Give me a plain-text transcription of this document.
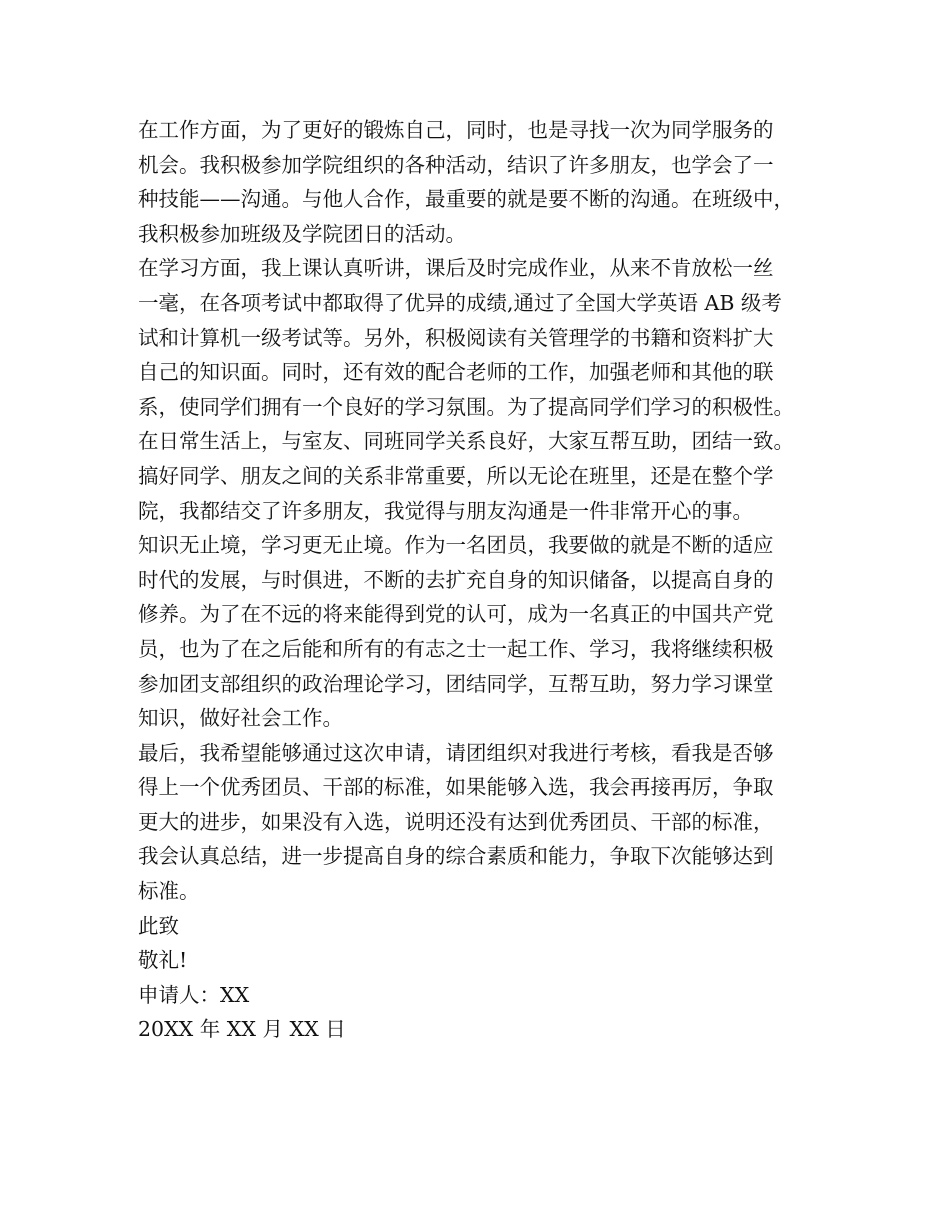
在工作方面，为了更好的锻炼自己，同时，也是寻找一次为同学服务的
机会。我积极参加学院组织的各种活动，结识了许多朋友，也学会了一
种技能——沟通。与他人合作，最重要的就是要不断的沟通。在班级中，
我积极参加班级及学院团日的活动。
在学习方面，我上课认真听讲，课后及时完成作业，从来不肯放松一丝
一毫，在各项考试中都取得了优异的成绩,通过了全国大学英语 AB 级考
试和计算机一级考试等。另外，积极阅读有关管理学的书籍和资料扩大
自己的知识面。同时，还有效的配合老师的工作，加强老师和其他的联
系，使同学们拥有一个良好的学习氛围。为了提高同学们学习的积极性。
在日常生活上，与室友、同班同学关系良好，大家互帮互助，团结一致。
搞好同学、朋友之间的关系非常重要，所以无论在班里，还是在整个学
院，我都结交了许多朋友，我觉得与朋友沟通是一件非常开心的事。
知识无止境，学习更无止境。作为一名团员，我要做的就是不断的适应
时代的发展，与时俱进，不断的去扩充自身的知识储备，以提高自身的
修养。为了在不远的将来能得到党的认可，成为一名真正的中国共产党
员，也为了在之后能和所有的有志之士一起工作、学习，我将继续积极
参加团支部组织的政治理论学习，团结同学，互帮互助，努力学习课堂
知识，做好社会工作。
最后，我希望能够通过这次申请，请团组织对我进行考核，看我是否够
得上一个优秀团员、干部的标准，如果能够入选，我会再接再厉，争取
更大的进步，如果没有入选，说明还没有达到优秀团员、干部的标准，
我会认真总结，进一步提高自身的综合素质和能力，争取下次能够达到
标准。
此致
敬礼!
申请人：XX
20XX 年 XX 月 XX 日
